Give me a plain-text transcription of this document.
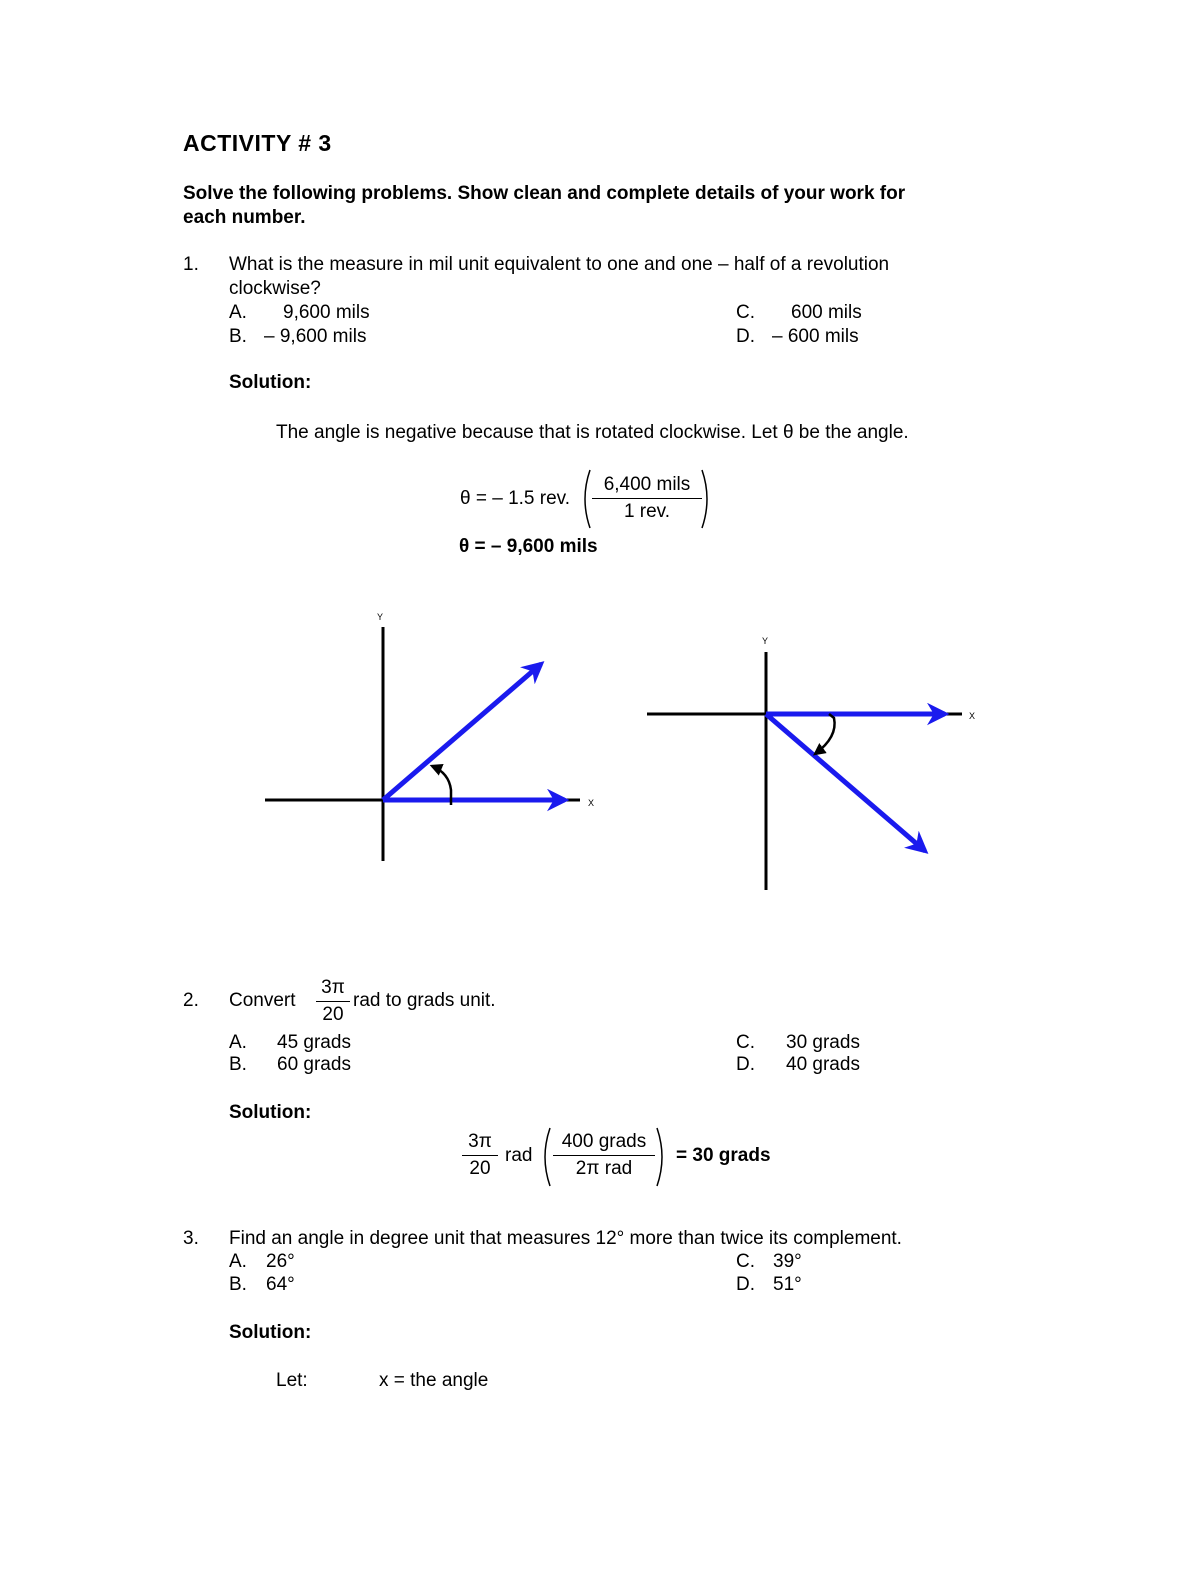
ACTIVITY # 3
Solve the following problems. Show clean and complete details of your work for
each number.
1. What is the measure in mil unit equivalent to one and one – half of a revolution
clockwise?
A. 9,600 mils
B. – 9,600 mils
C. 600 mils
D. – 600 mils
Solution:
The angle is negative because that is rotated clockwise. Let θ be the angle.
θ = – 1.5 rev.
6,400 mils
1 rev.
θ = – 9,600 mils
Y
X
Y
X
2. Convert
3π
20
rad to grads unit.
A. 45 grads
B. 60 grads
C. 30 grads
D. 40 grads
Solution:
3π
20
rad
400 grads
2π rad
= 30 grads
3. Find an angle in degree unit that measures 12° more than twice its complement.
A. 26°
B. 64°
C. 39°
D. 51°
Solution:
Let:	x = the angle
